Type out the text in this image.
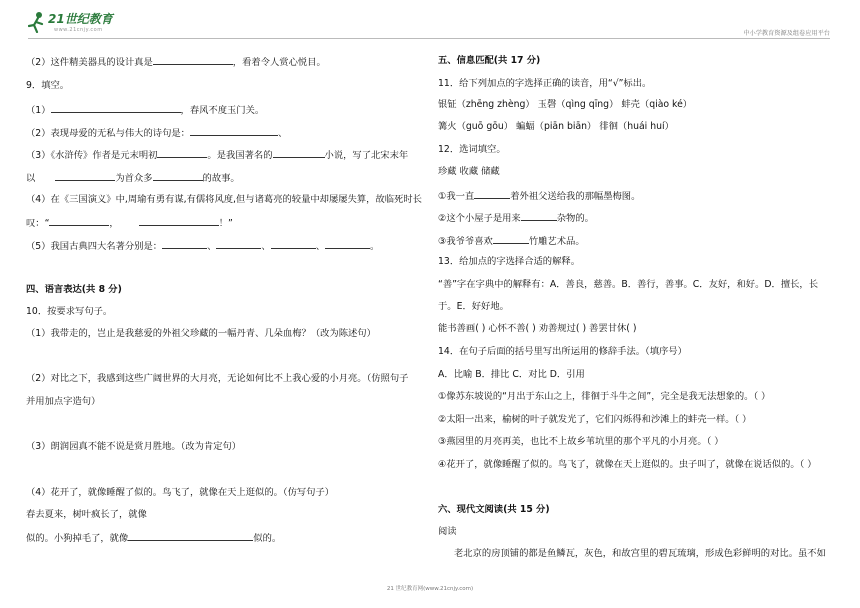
21世纪教育
www.21cnjy.com	中小学教育资源及组卷应用平台
（2）这件精美器具的设计真是	，看着令人赏心悦目。
9．填空。
（1）	，春风不度玉门关。
（2）表现母爱的无私与伟大的诗句是：	、
（3）《水浒传》作者是元末明初	。是我国著名的	小说，写了北宋末年
以	为首众多	的故事。
（4）在《三国演义》中,周瑜有勇有谋,有儒将风度,但与诸葛亮的较量中却屡屡失算，故临死时长
叹：“	，	！”
（5）我国古典四大名著分别是：	、	、	、	。
四、语言表达(共 8 分)
10．按要求写句子。
（1）我带走的，岂止是我慈爱的外祖父珍藏的一幅丹青、几朵血梅？（改为陈述句）
（2）对比之下，我感到这些广阔世界的大月亮，无论如何比不上我心爱的小月亮。（仿照句子
并用加点字造句）
（3）朗润园真不能不说是赏月胜地。（改为肯定句）
（4）花开了，就像睡醒了似的。鸟飞了，就像在天上逛似的。（仿写句子）
春去夏来，树叶疯长了，就像
似的。小狗掉毛了，就像	似的。
五、信息匹配(共 17 分)
11．给下列加点的字选择正确的读音，用“√”标出。
银钲（zhēng zhèng） 玉磬（qìng qīng） 蚌壳（qiào ké）
篝火（guō gōu） 蝙蝠（piān biān） 徘徊（huái huí）
12．选词填空。
珍藏 收藏 储藏
①我一直	着外祖父送给我的那幅墨梅图。
②这个小屋子是用来	杂物的。
③我爷爷喜欢	竹雕艺术品。
13．给加点的字选择合适的解释。
“善”字在字典中的解释有：A．善良，慈善。B．善行，善事。C．友好，和好。D．擅长，长
于。E．好好地。
能书善画( ) 心怀不善( ) 劝善规过( ) 善罢甘休( )
14．在句子后面的括号里写出所运用的修辞手法。（填序号）
A．比喻 B．排比 C．对比 D．引用
①像苏东坡说的“月出于东山之上，徘徊于斗牛之间”，完全是我无法想象的。（ ）
②太阳一出来，榆树的叶子就发光了，它们闪烁得和沙滩上的蚌壳一样。（ ）
③燕园里的月亮再美，也比不上故乡苇坑里的那个平凡的小月亮。（ ）
④花开了，就像睡醒了似的。鸟飞了，就像在天上逛似的。虫子叫了，就像在说话似的。（ ）
六、现代文阅读(共 15 分)
阅读
老北京的房顶铺的都是鱼鳞瓦，灰色，和故宫里的碧瓦琉璃，形成色彩鲜明的对比。虽不如
21 世纪教育网(www.21cnjy.com)
